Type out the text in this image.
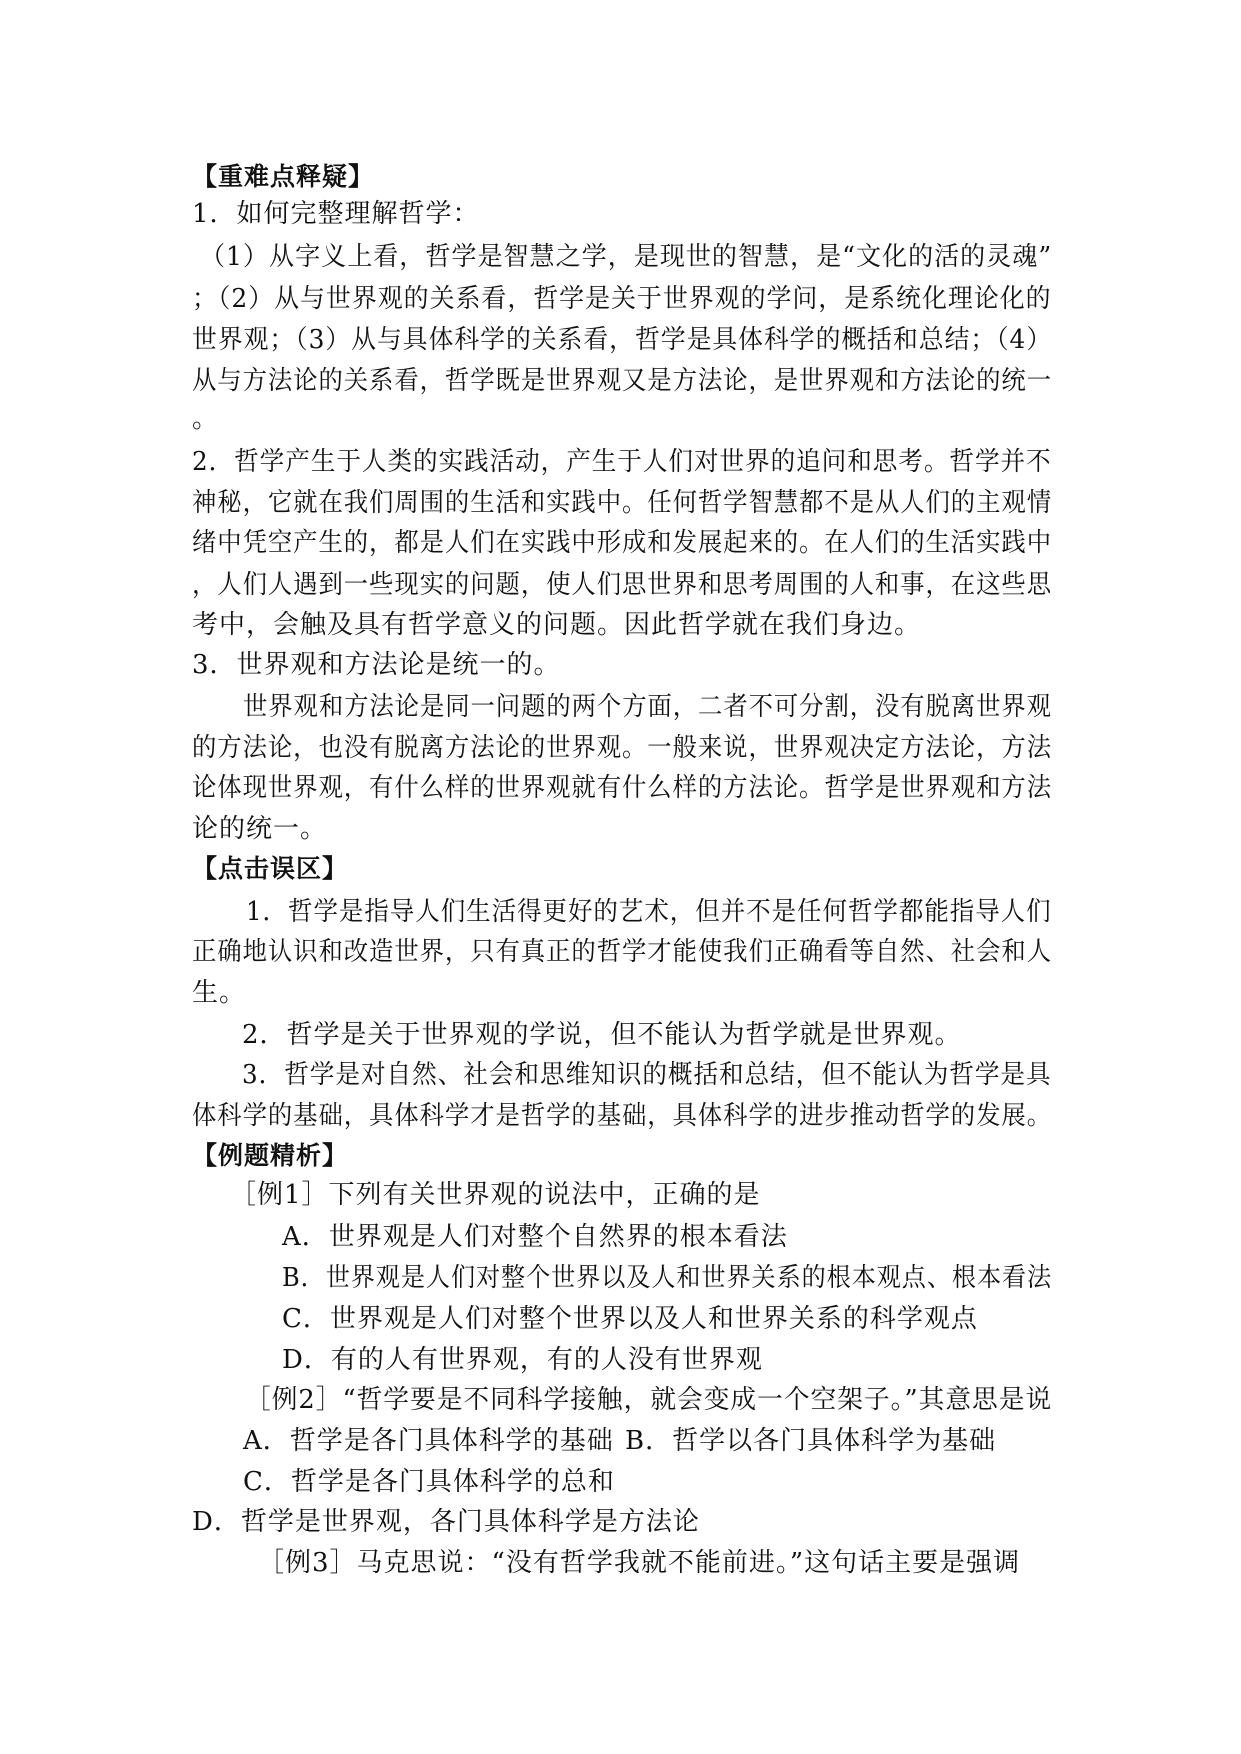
【重难点释疑】
1．如何完整理解哲学：
（1）从字义上看，哲学是智慧之学，是现世的智慧，是“文化的活的灵魂”
；（2）从与世界观的关系看，哲学是关于世界观的学问，是系统化理论化的
世界观；（3）从与具体科学的关系看，哲学是具体科学的概括和总结；（4）
从与方法论的关系看，哲学既是世界观又是方法论，是世界观和方法论的统一
。
2．哲学产生于人类的实践活动，产生于人们对世界的追问和思考。哲学并不
神秘，它就在我们周围的生活和实践中。任何哲学智慧都不是从人们的主观情
绪中凭空产生的，都是人们在实践中形成和发展起来的。在人们的生活实践中
，人们人遇到一些现实的问题，使人们思世界和思考周围的人和事，在这些思
考中，会触及具有哲学意义的问题。因此哲学就在我们身边。
3．世界观和方法论是统一的。
世界观和方法论是同一问题的两个方面，二者不可分割，没有脱离世界观
的方法论，也没有脱离方法论的世界观。一般来说，世界观决定方法论，方法
论体现世界观，有什么样的世界观就有什么样的方法论。哲学是世界观和方法
论的统一。
【点击误区】
1．哲学是指导人们生活得更好的艺术，但并不是任何哲学都能指导人们
正确地认识和改造世界，只有真正的哲学才能使我们正确看等自然、社会和人
生。
2．哲学是关于世界观的学说，但不能认为哲学就是世界观。
3．哲学是对自然、社会和思维知识的概括和总结，但不能认为哲学是具
体科学的基础，具体科学才是哲学的基础，具体科学的进步推动哲学的发展。
【例题精析】
［例1］下列有关世界观的说法中，正确的是
A．世界观是人们对整个自然界的根本看法
B．世界观是人们对整个世界以及人和世界关系的根本观点、根本看法
C．世界观是人们对整个世界以及人和世界关系的科学观点
D．有的人有世界观，有的人没有世界观
［例2］“哲学要是不同科学接触，就会变成一个空架子。”其意思是说
A．哲学是各门具体科学的基础 B．哲学以各门具体科学为基础
C．哲学是各门具体科学的总和
D．哲学是世界观，各门具体科学是方法论
［例3］马克思说：“没有哲学我就不能前进。”这句话主要是强调
